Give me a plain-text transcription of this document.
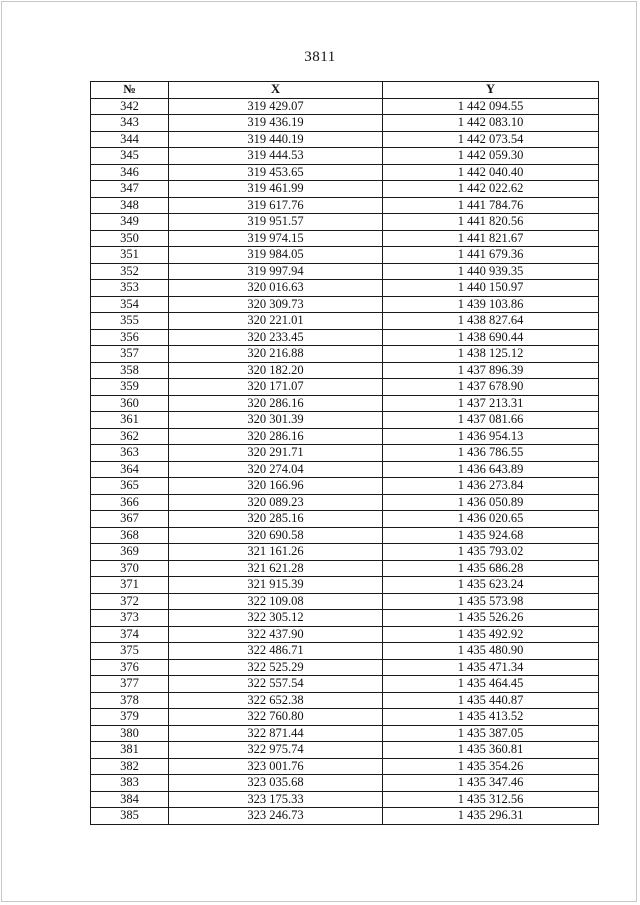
3811
№	X	Y
342	319 429.07	1 442 094.55
343	319 436.19	1 442 083.10
344	319 440.19	1 442 073.54
345	319 444.53	1 442 059.30
346	319 453.65	1 442 040.40
347	319 461.99	1 442 022.62
348	319 617.76	1 441 784.76
349	319 951.57	1 441 820.56
350	319 974.15	1 441 821.67
351	319 984.05	1 441 679.36
352	319 997.94	1 440 939.35
353	320 016.63	1 440 150.97
354	320 309.73	1 439 103.86
355	320 221.01	1 438 827.64
356	320 233.45	1 438 690.44
357	320 216.88	1 438 125.12
358	320 182.20	1 437 896.39
359	320 171.07	1 437 678.90
360	320 286.16	1 437 213.31
361	320 301.39	1 437 081.66
362	320 286.16	1 436 954.13
363	320 291.71	1 436 786.55
364	320 274.04	1 436 643.89
365	320 166.96	1 436 273.84
366	320 089.23	1 436 050.89
367	320 285.16	1 436 020.65
368	320 690.58	1 435 924.68
369	321 161.26	1 435 793.02
370	321 621.28	1 435 686.28
371	321 915.39	1 435 623.24
372	322 109.08	1 435 573.98
373	322 305.12	1 435 526.26
374	322 437.90	1 435 492.92
375	322 486.71	1 435 480.90
376	322 525.29	1 435 471.34
377	322 557.54	1 435 464.45
378	322 652.38	1 435 440.87
379	322 760.80	1 435 413.52
380	322 871.44	1 435 387.05
381	322 975.74	1 435 360.81
382	323 001.76	1 435 354.26
383	323 035.68	1 435 347.46
384	323 175.33	1 435 312.56
385	323 246.73	1 435 296.31
